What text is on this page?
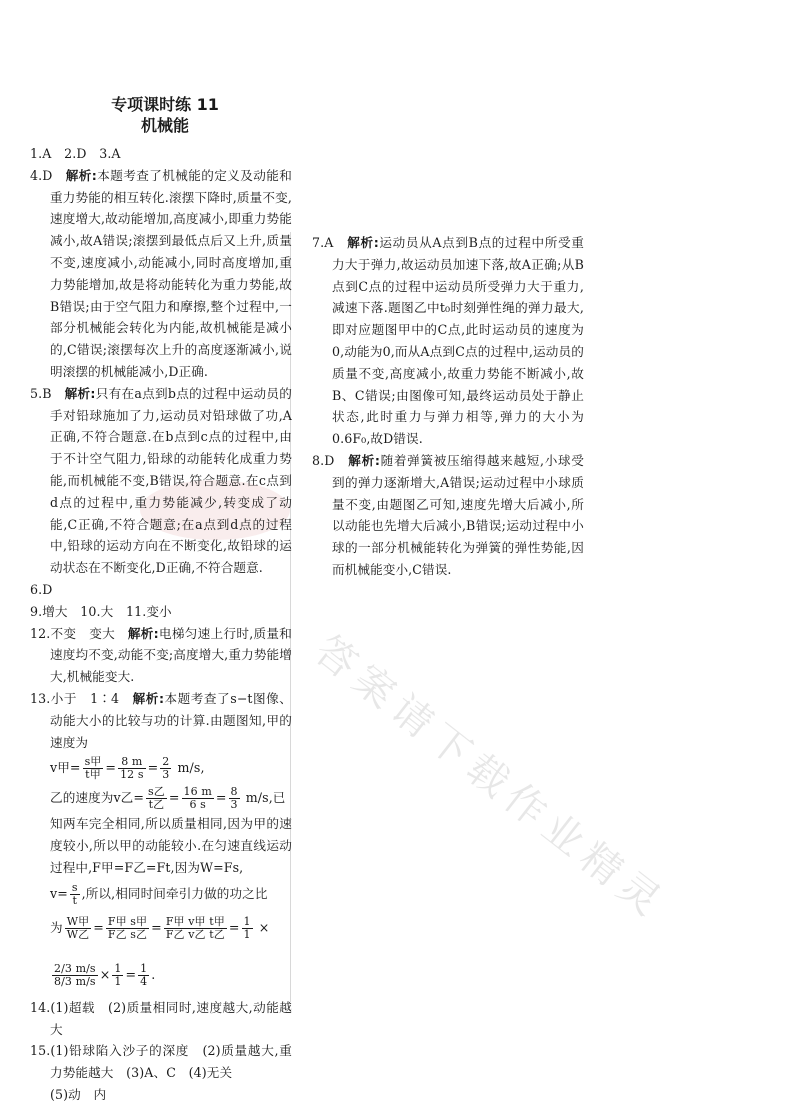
专项课时练 11
机械能

1.A　2.D　3.A

4.D　解析:本题考查了机械能的定义及动能和重力势能的相互转化.滚摆下降时,质量不变,速度增大,故动能增加,高度减小,即重力势能减小,故A错误;滚摆到最低点后又上升,质量不变,速度减小,动能减小,同时高度增加,重力势能增加,故是将动能转化为重力势能,故B错误;由于空气阻力和摩擦,整个过程中,一部分机械能会转化为内能,故机械能是减小的,C错误;滚摆每次上升的高度逐渐减小,说明滚摆的机械能减小,D正确.

5.B　解析:只有在a点到b点的过程中运动员的手对铅球施加了力,运动员对铅球做了功,A正确,不符合题意.在b点到c点的过程中,由于不计空气阻力,铅球的动能转化成重力势能,而机械能不变,B错误,符合题意.在c点到d点的过程中,重力势能减少,转变成了动能,C正确,不符合题意;在a点到d点的过程中,铅球的运动方向在不断变化,故铅球的运动状态在不断变化,D正确,不符合题意.

6.D

9.增大　10.大　11.变小

12.不变　变大　解析:电梯匀速上行时,质量和速度均不变,动能不变;高度增大,重力势能增大,机械能变大.

13.小于　1∶4　解析:本题考查了s−t图像、动能大小的比较与功的计算.由题图知,甲的速度为

v甲= $\frac{\text{s甲}}{\text{t甲}} = \frac{8 m}{12 s} = \frac{2}{3} m/s$,
乙的速度为v乙= $\frac{\text{s乙}}{\text{t乙}} = \frac{16 m}{6 s} = \frac{8}{3} m/s$,已

知两车完全相同,所以质量相同,因为甲的速度较小,所以甲的动能较小.在匀速直线运动过程中,F甲=F乙=Ft,因为W=Fs,

$v= \frac{s}{t}$ ,所以,相同时间牵引力做的功之比
为 $\frac{\text{W甲}}{\text{W乙}} = \frac{\text{F甲 s甲}}{\text{F乙 s乙}} = \frac{\text{F甲 v甲 t甲}}{\text{F乙 v乙 t乙}} = \frac{1}{1}$ ×
$\frac{2/3 m/s}{8/3 m/s} \times \frac{1}{1} = \frac{1}{4}$ .

14.(1)超载　(2)质量相同时,速度越大,动能越大

15.(1)铅球陷入沙子的深度　(2)质量越大,重力势能越大　(3)A、C　(4)无关

(5)动　内

7.A　解析:运动员从A点到B点的过程中所受重力大于弹力,故运动员加速下落,故A正确;从B点到C点的过程中运动员所受弹力大于重力,减速下落.题图乙中t₀时刻弹性绳的弹力最大,即对应题图甲中的C点,此时运动员的速度为0,动能为0,而从A点到C点的过程中,运动员的质量不变,高度减小,故重力势能不断减小,故B、C错误;由图像可知,最终运动员处于静止状态,此时重力与弹力相等,弹力的大小为0.6F₀,故D错误.

8.D　解析:随着弹簧被压缩得越来越短,小球受到的弹力逐渐增大,A错误;运动过程中小球质量不变,由题图乙可知,速度先增大后减小,所以动能也先增大后减小,B错误;运动过程中小球的一部分机械能转化为弹簧的弹性势能,因而机械能变小,C错误.

答案请下载作业精灵
